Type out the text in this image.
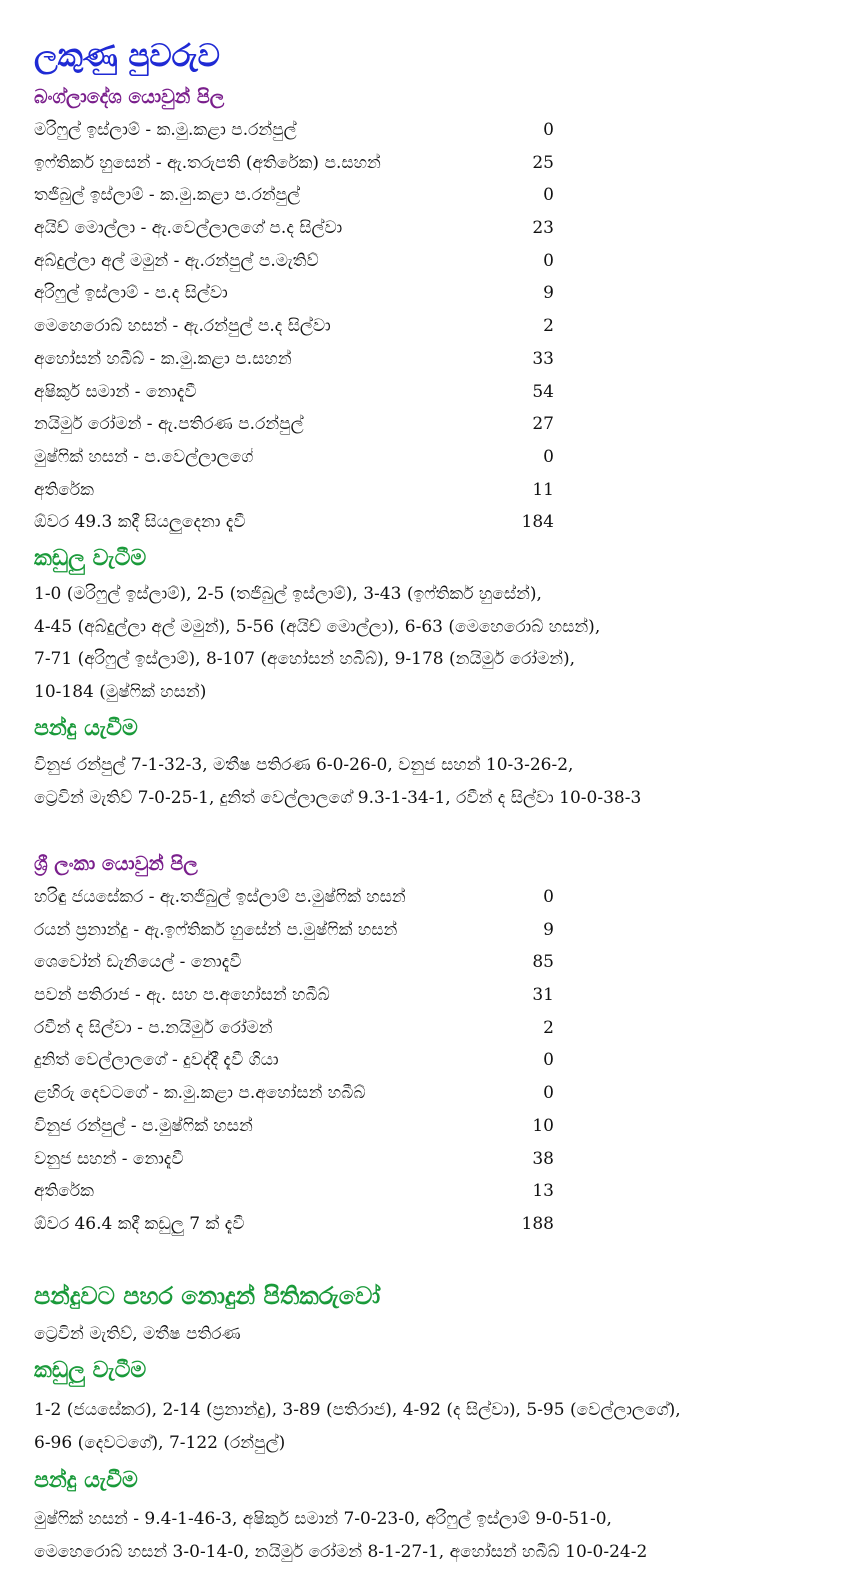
ලකුණු පුවරුව
බංග්ලාදේශ යොවුන් පිල
මරිෆුල් ඉස්ලාම් - ක.මු.කළා ප.රන්පුල්	0
ඉෆ්තිකර් හුසෙන් - ඇ.තරුපති (අතිරේක) ප.සහන්	25
තජිබුල් ඉස්ලාම් - ක.මු.කළා ප.රන්පුල්	0
අයිච් මොල්ලා - ඇ.වෙල්ලාලගේ ප.ද සිල්වා	23
අබ්දුල්ලා අල් මමුන් - ඇ.රන්පුල් ප.මැතිව්	0
අරිෆුල් ඉස්ලාම් - ප.ද සිල්වා	9
මෙහෙරොබ් හසන් - ඇ.රන්පුල් ප.ද සිල්වා	2
අහෝසන් හබීබ් - ක.මු.කළා ප.සහන්	33
අෂිකුර් සමාන් - නොදැවී	54
නයිමුර් රෝමන් - ඇ.පතිරණ ප.රන්පුල්	27
මුෂ්ෆික් හසන් - ප.වෙල්ලාලගේ	0
අතිරේක	11
ඕවර 49.3 කදී සියලුදෙනා දැවී	184
කඩුලු වැටීම
1-0 (මරිෆුල් ඉස්ලාම්), 2-5 (තජිබුල් ඉස්ලාම්), 3-43 (ඉෆ්තිකර් හුසේන්),
4-45 (අබ්දුල්ලා අල් මමුන්), 5-56 (අයිච් මොල්ලා), 6-63 (මෙහෙරොබ් හසන්),
7-71 (අරිෆුල් ඉස්ලාම්), 8-107 (අහෝසන් හබීබ්), 9-178 (නයිමුර් රෝමන්),
10-184 (මුෂ්ෆික් හසන්)
පන්දු යැවීම
විනුජ රන්පුල් 7-1-32-3, මතීෂ පතිරණ 6-0-26-0, වනුජ සහන් 10-3-26-2,
ට්‍රෙවින් මැතිව් 7-0-25-1, දුනිත් වෙල්ලාලගේ 9.3-1-34-1, රවීන් ද සිල්වා 10-0-38-3
ශ්‍රී ලංකා යොවුන් පිල
හරිඳු ජයසේකර - ඇ.තජිබුල් ඉස්ලාම් ප.මුෂ්ෆික් හසන්	0
රයන් ප්‍රනාන්දු - ඇ.ඉෆ්තිකර් හුසේන් ප.මුෂ්ෆික් හසන්	9
ශෙවෝන් ඩැනියෙල් - නොදැවී	85
පවන් පතිරාජ - ඇ. සහ ප.අහෝසන් හබීබ්	31
රවීන් ද සිල්වා - ප.නයිමුර් රෝමන්	2
දුනිත් වෙල්ලාලගේ - දුවද්දී දැවී ගියා	0
ළහිරු දෙවටගේ - ක.මු.කළා ප.අහෝසන් හබීබ්	0
විනුජ රන්පුල් - ප.මුෂ්ෆික් හසන්	10
වනුජ සහන් - නොදැවී	38
අතිරේක	13
ඕවර 46.4 කදී කඩුලු 7 ක් දැවී	188
පන්දුවට පහර නොදුන් පිතිකරුවෝ
ට්‍රෙවින් මැතිව්, මතීෂ පතිරණ
කඩුලු වැටීම
1-2 (ජයසේකර), 2-14 (ප්‍රනාන්දු), 3-89 (පතිරාජ), 4-92 (ද සිල්වා), 5-95 (වෙල්ලාලගේ),
6-96 (දෙවටගේ), 7-122 (රන්පුල්)
පන්දු යැවීම
මුෂ්ෆික් හසන් - 9.4-1-46-3, අෂිකුර් සමාන් 7-0-23-0, අරිෆුල් ඉස්ලාම් 9-0-51-0,
මෙහෙරොබ් හසන් 3-0-14-0, නයිමුර් රෝමන් 8-1-27-1, අහෝසන් හබීබ් 10-0-24-2
